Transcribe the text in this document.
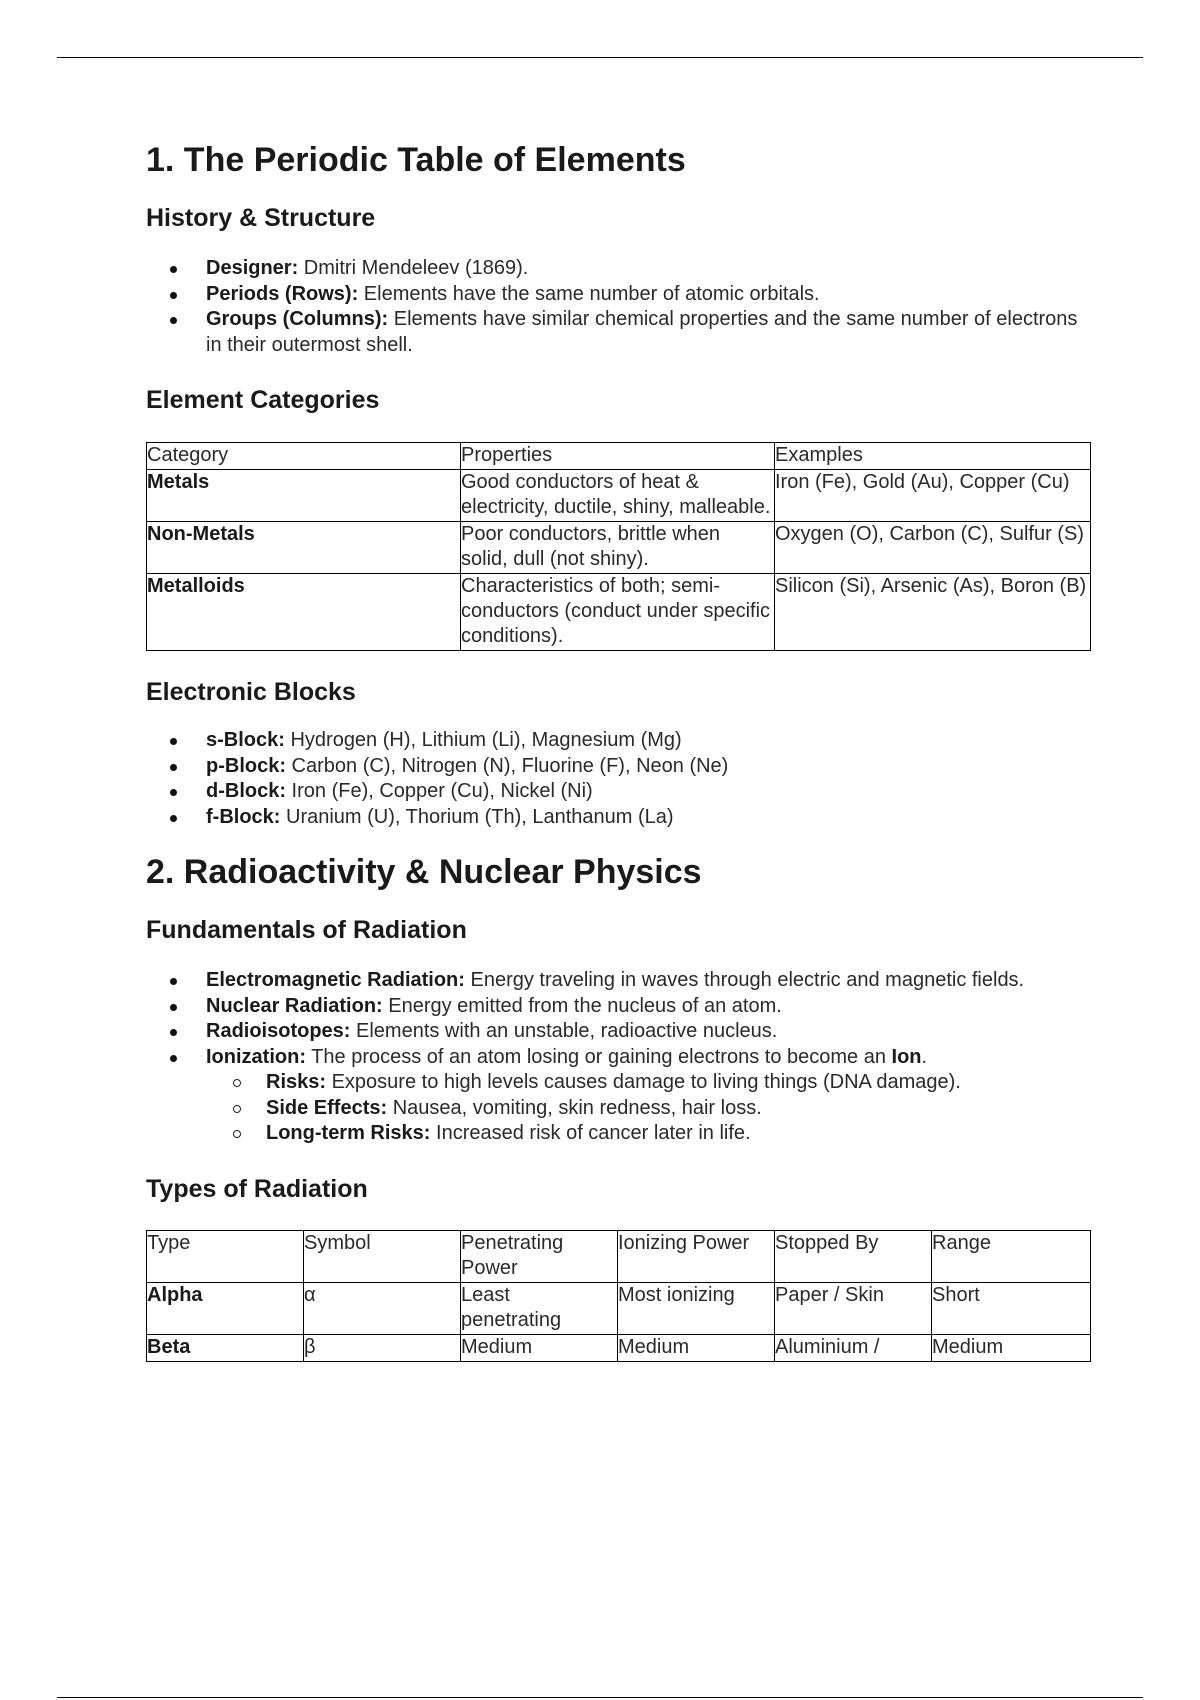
1. The Periodic Table of Elements
History & Structure
Designer: Dmitri Mendeleev (1869).
Periods (Rows): Elements have the same number of atomic orbitals.
Groups (Columns): Elements have similar chemical properties and the same number of electrons in their outermost shell.
Element Categories
Category	Properties	Examples
Metals	Good conductors of heat & electricity, ductile, shiny, malleable.	Iron (Fe), Gold (Au), Copper (Cu)
Non-Metals	Poor conductors, brittle when solid, dull (not shiny).	Oxygen (O), Carbon (C), Sulfur (S)
Metalloids	Characteristics of both; semi-conductors (conduct under specific conditions).	Silicon (Si), Arsenic (As), Boron (B)
Electronic Blocks
s-Block: Hydrogen (H), Lithium (Li), Magnesium (Mg)
p-Block: Carbon (C), Nitrogen (N), Fluorine (F), Neon (Ne)
d-Block: Iron (Fe), Copper (Cu), Nickel (Ni)
f-Block: Uranium (U), Thorium (Th), Lanthanum (La)
2. Radioactivity & Nuclear Physics
Fundamentals of Radiation
Electromagnetic Radiation: Energy traveling in waves through electric and magnetic fields.
Nuclear Radiation: Energy emitted from the nucleus of an atom.
Radioisotopes: Elements with an unstable, radioactive nucleus.
Ionization: The process of an atom losing or gaining electrons to become an Ion.
Risks: Exposure to high levels causes damage to living things (DNA damage).
Side Effects: Nausea, vomiting, skin redness, hair loss.
Long-term Risks: Increased risk of cancer later in life.
Types of Radiation
Type	Symbol	Penetrating Power	Ionizing Power	Stopped By	Range
Alpha	α	Least penetrating	Most ionizing	Paper / Skin	Short
Beta	β	Medium	Medium	Aluminium /	Medium
